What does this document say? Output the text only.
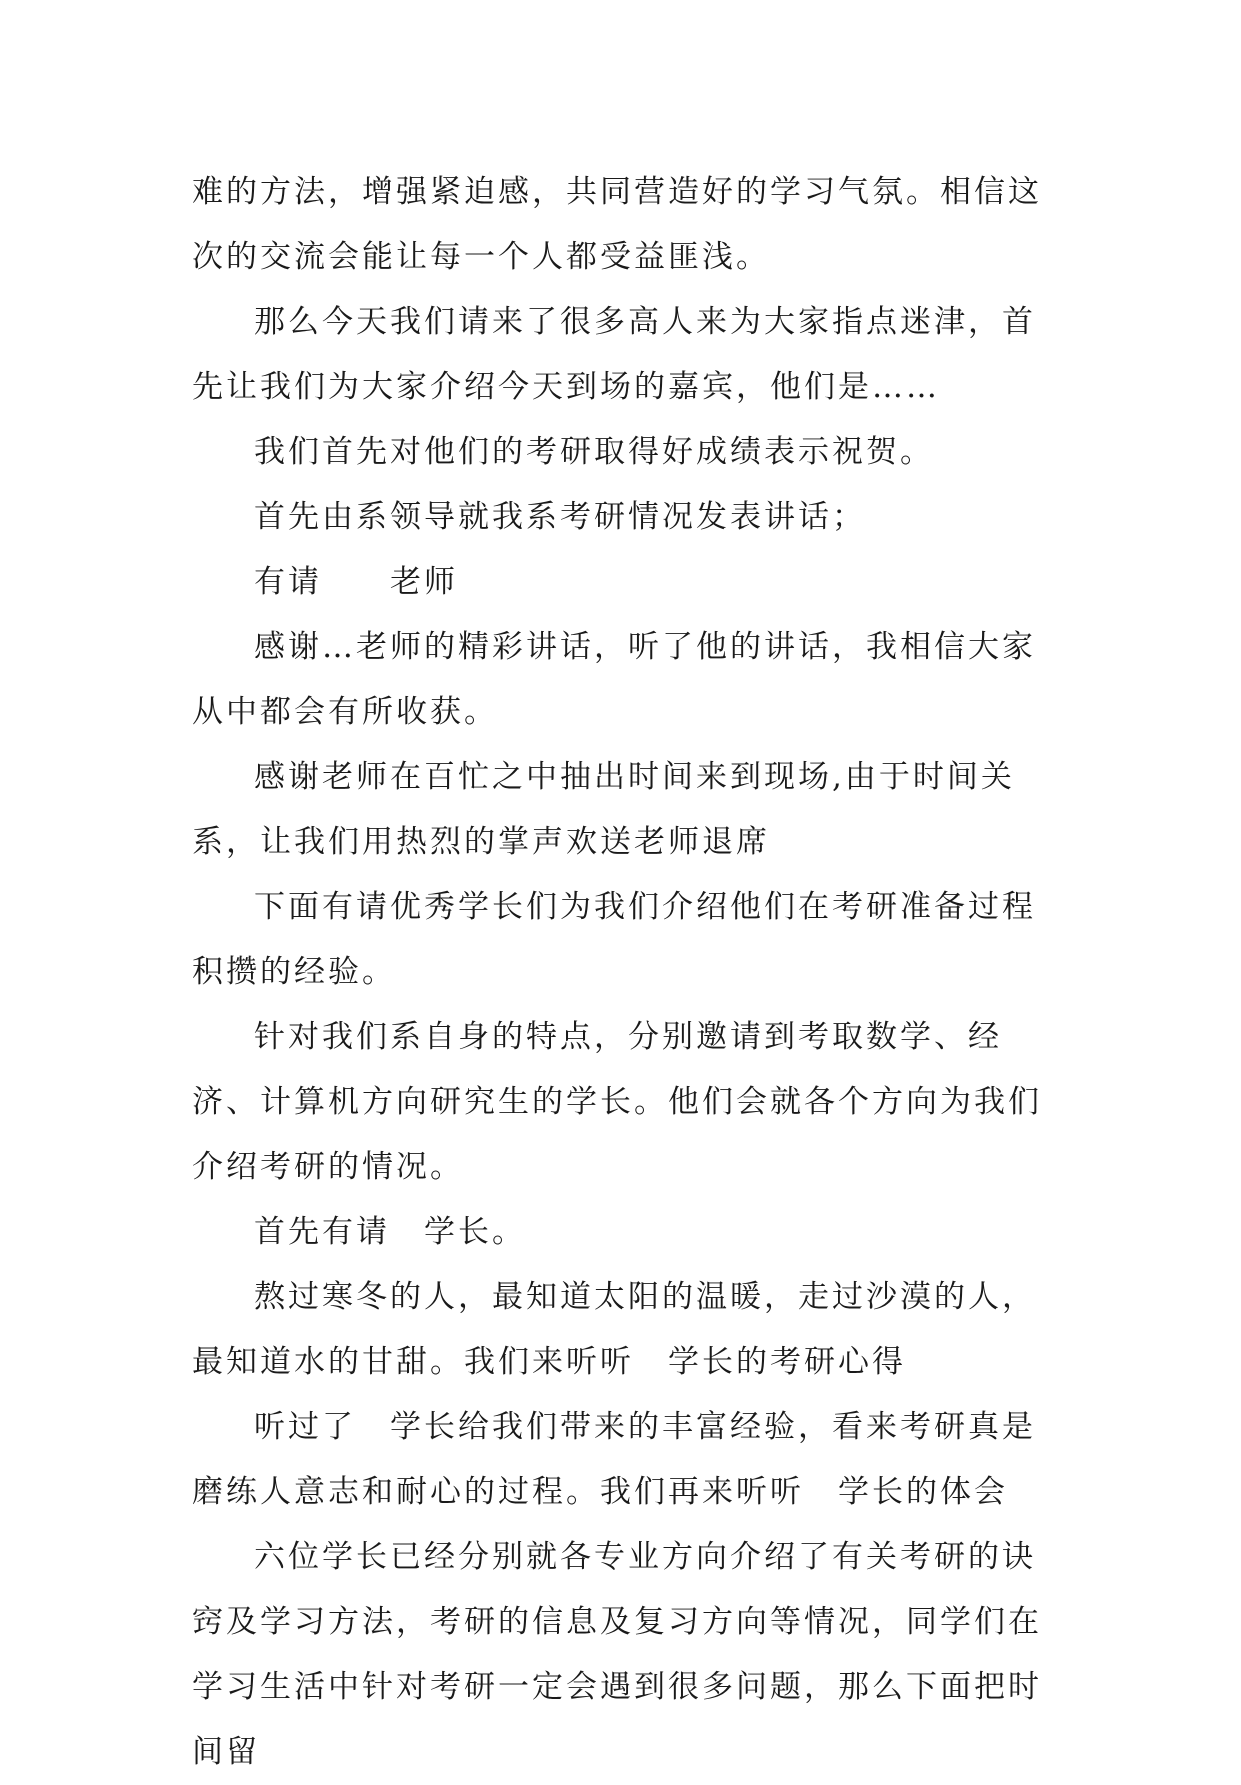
难的方法，增强紧迫感，共同营造好的学习气氛。相信这次的交流会能让每一个人都受益匪浅。

那么今天我们请来了很多高人来为大家指点迷津，首先让我们为大家介绍今天到场的嘉宾，他们是……

我们首先对他们的考研取得好成绩表示祝贺。

首先由系领导就我系考研情况发表讲话；

有请　　老师

感谢…老师的精彩讲话，听了他的讲话，我相信大家从中都会有所收获。

感谢老师在百忙之中抽出时间来到现场,由于时间关系，让我们用热烈的掌声欢送老师退席

下面有请优秀学长们为我们介绍他们在考研准备过程积攒的经验。

针对我们系自身的特点，分别邀请到考取数学、经济、计算机方向研究生的学长。他们会就各个方向为我们介绍考研的情况。

首先有请　学长。

熬过寒冬的人，最知道太阳的温暖，走过沙漠的人，最知道水的甘甜。我们来听听　学长的考研心得

听过了　学长给我们带来的丰富经验，看来考研真是磨练人意志和耐心的过程。我们再来听听　学长的体会

六位学长已经分别就各专业方向介绍了有关考研的诀窍及学习方法，考研的信息及复习方向等情况，同学们在学习生活中针对考研一定会遇到很多问题，那么下面把时间留
